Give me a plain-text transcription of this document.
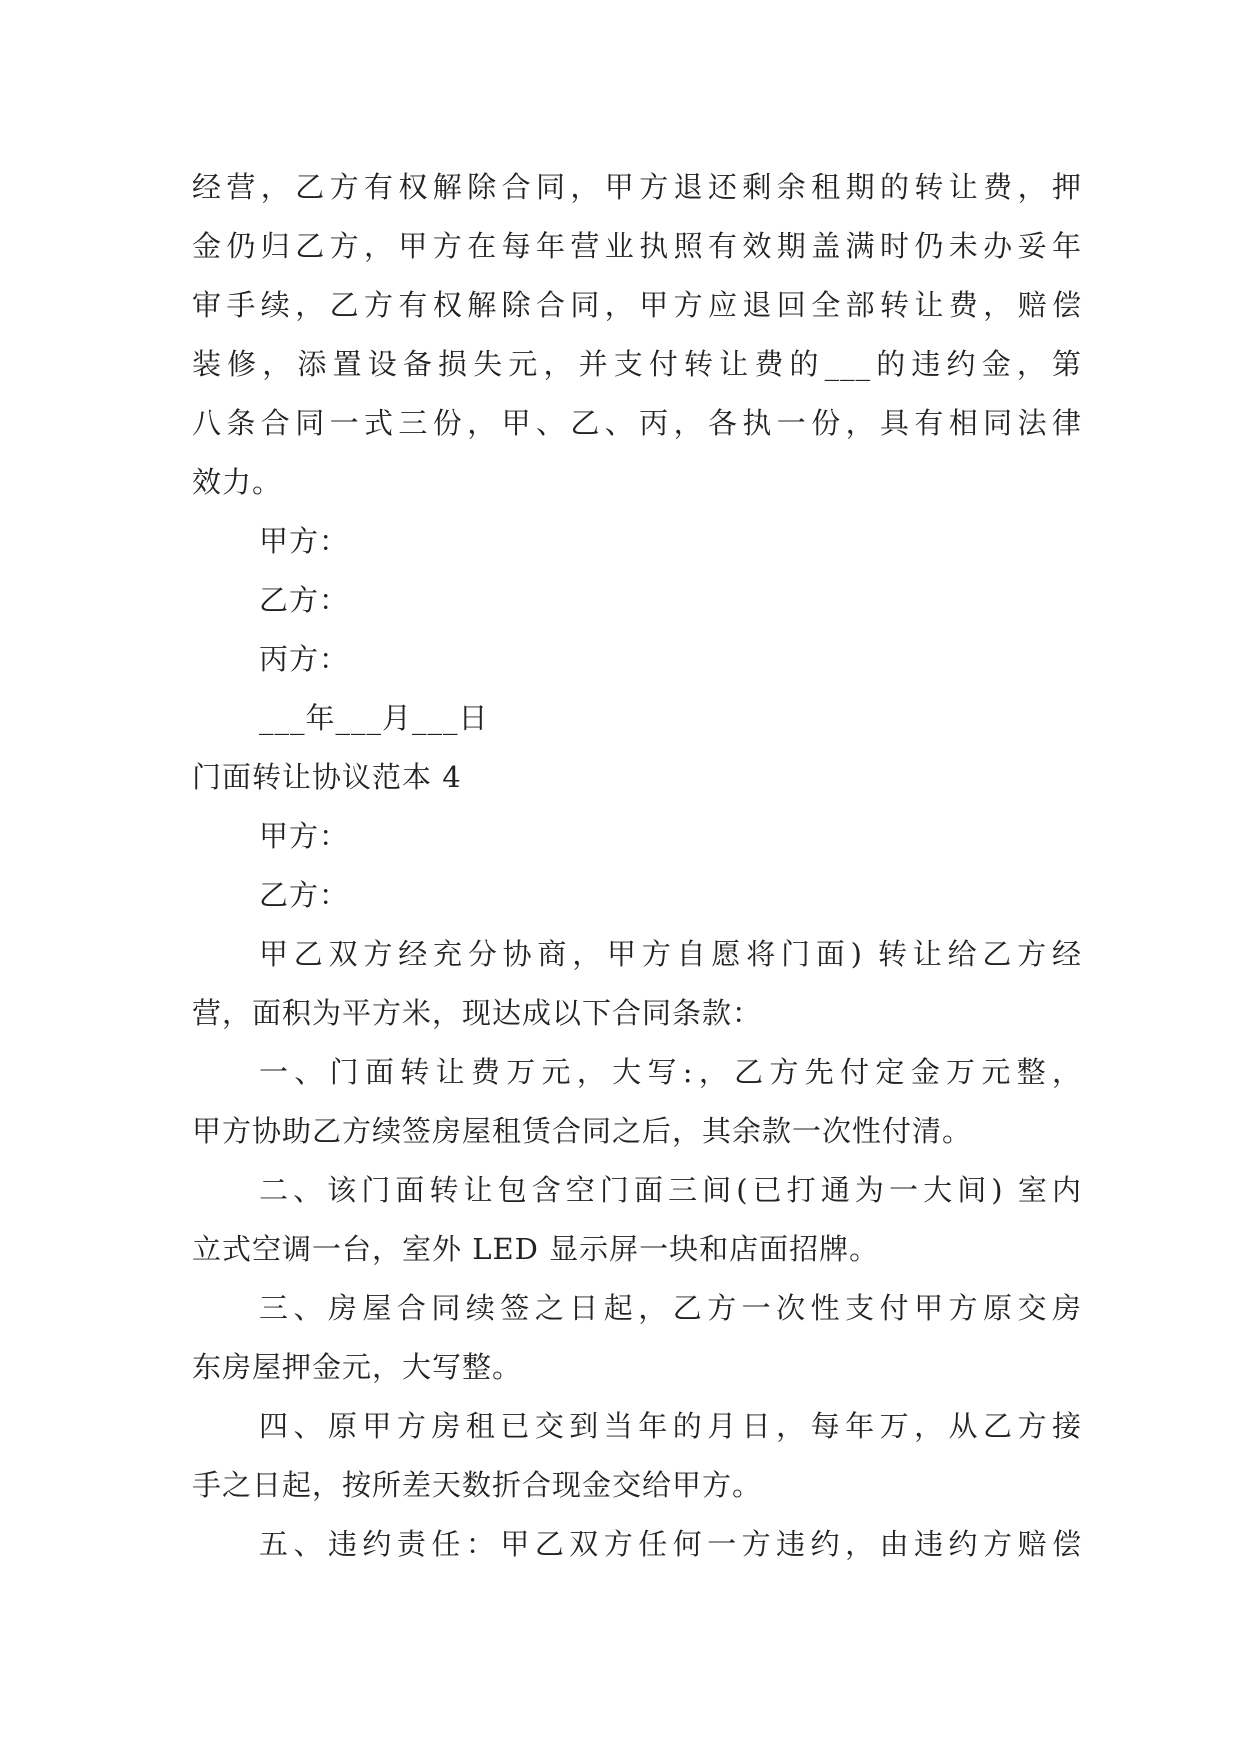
经营，乙方有权解除合同，甲方退还剩余租期的转让费，押
金仍归乙方，甲方在每年营业执照有效期盖满时仍未办妥年
审手续，乙方有权解除合同，甲方应退回全部转让费，赔偿
装修，添置设备损失元，并支付转让费的___的违约金，第
八条合同一式三份，甲、乙、丙，各执一份，具有相同法律
效力。
甲方：
乙方：
丙方：
___年___月___日
门面转让协议范本 4
甲方：
乙方：
甲乙双方经充分协商，甲方自愿将门面) 转让给乙方经
营，面积为平方米，现达成以下合同条款：
一、门面转让费万元，大写:，乙方先付定金万元整，
甲方协助乙方续签房屋租赁合同之后，其余款一次性付清。
二、该门面转让包含空门面三间(已打通为一大间) 室内
立式空调一台，室外 LED 显示屏一块和店面招牌。
三、房屋合同续签之日起，乙方一次性支付甲方原交房
东房屋押金元，大写整。
四、原甲方房租已交到当年的月日，每年万，从乙方接
手之日起，按所差天数折合现金交给甲方。
五、违约责任：甲乙双方任何一方违约，由违约方赔偿
